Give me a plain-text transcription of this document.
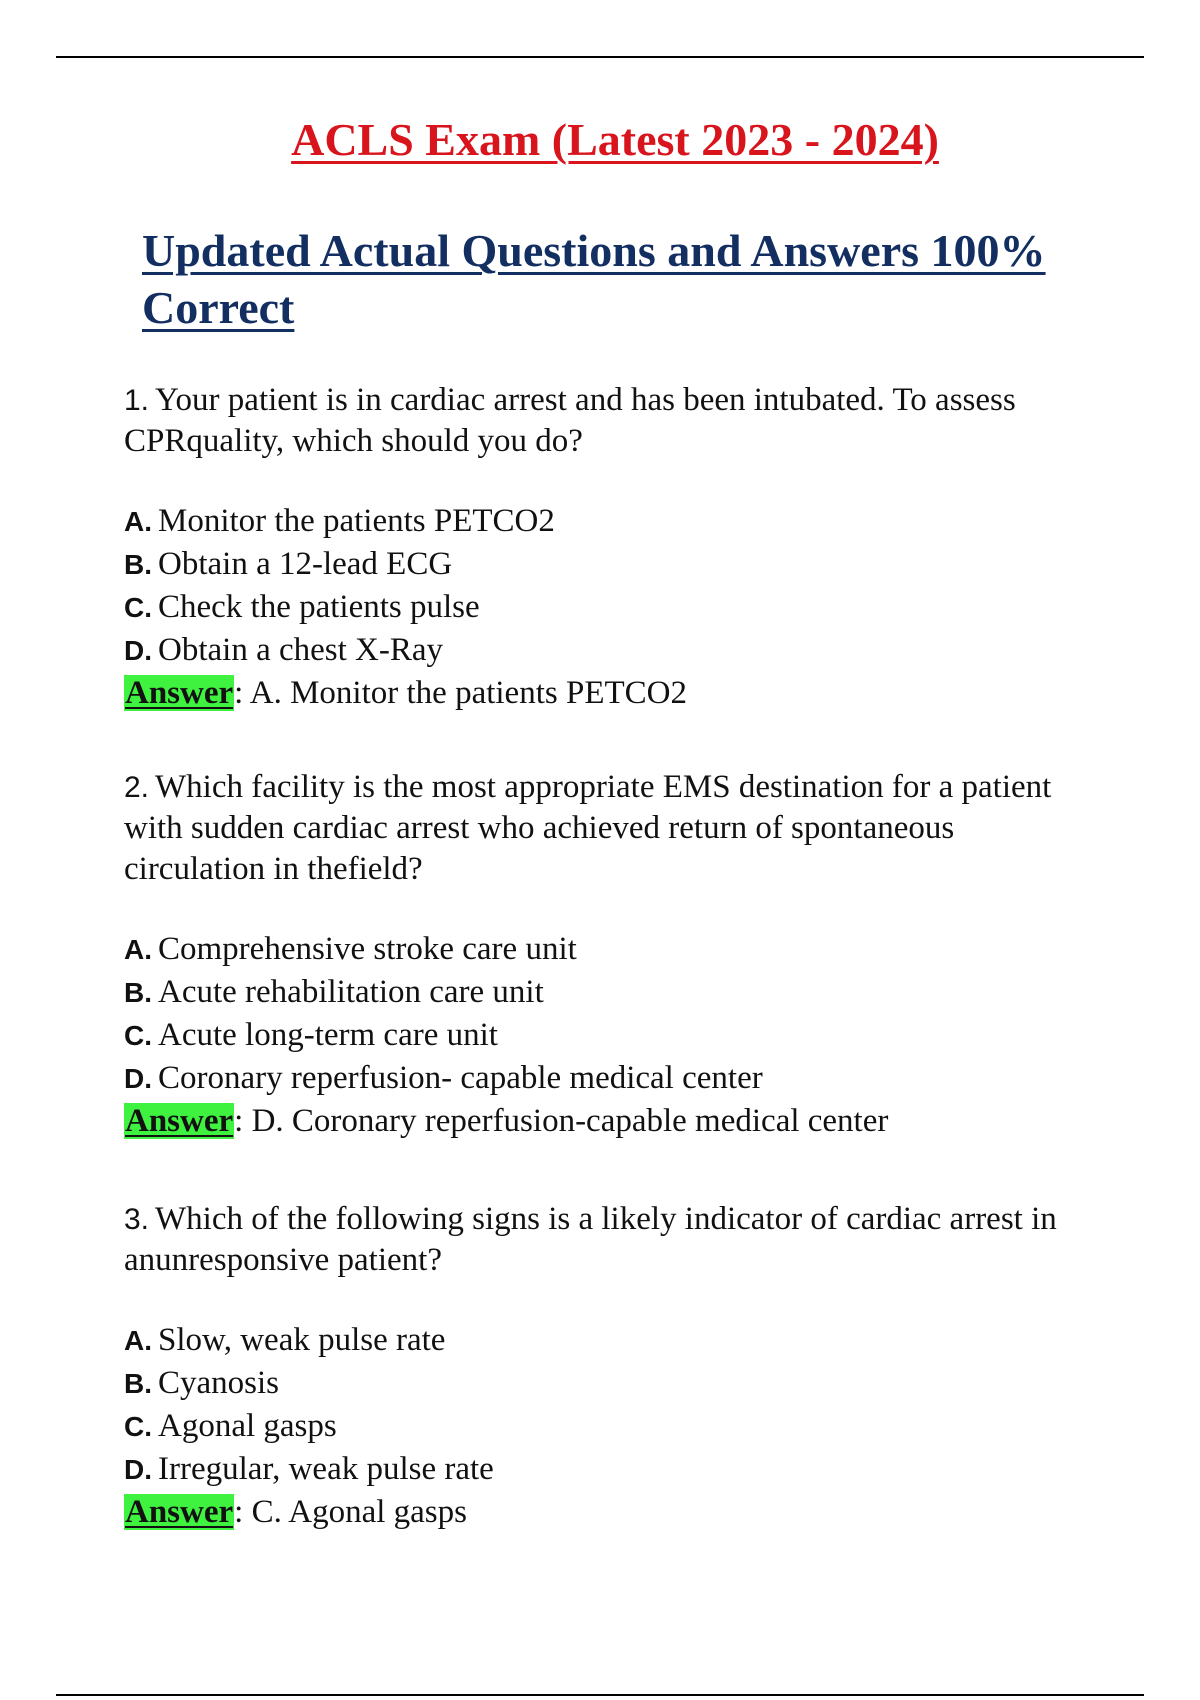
ACLS Exam (Latest 2023 - 2024)
Updated Actual Questions and Answers 100% Correct

1. Your patient is in cardiac arrest and has been intubated. To assess CPRquality, which should you do?

A. Monitor the patients PETCO2

B. Obtain a 12-lead ECG

C. Check the patients pulse

D. Obtain a chest X-Ray

Answer: A. Monitor the patients PETCO2

2. Which facility is the most appropriate EMS destination for a patient with sudden cardiac arrest who achieved return of spontaneous circulation in thefield?

A. Comprehensive stroke care unit

B. Acute rehabilitation care unit

C. Acute long-term care unit

D. Coronary reperfusion- capable medical center

Answer: D. Coronary reperfusion-capable medical center

3. Which of the following signs is a likely indicator of cardiac arrest in anunresponsive patient?

A. Slow, weak pulse rate

B. Cyanosis

C. Agonal gasps

D. Irregular, weak pulse rate

Answer: C. Agonal gasps
